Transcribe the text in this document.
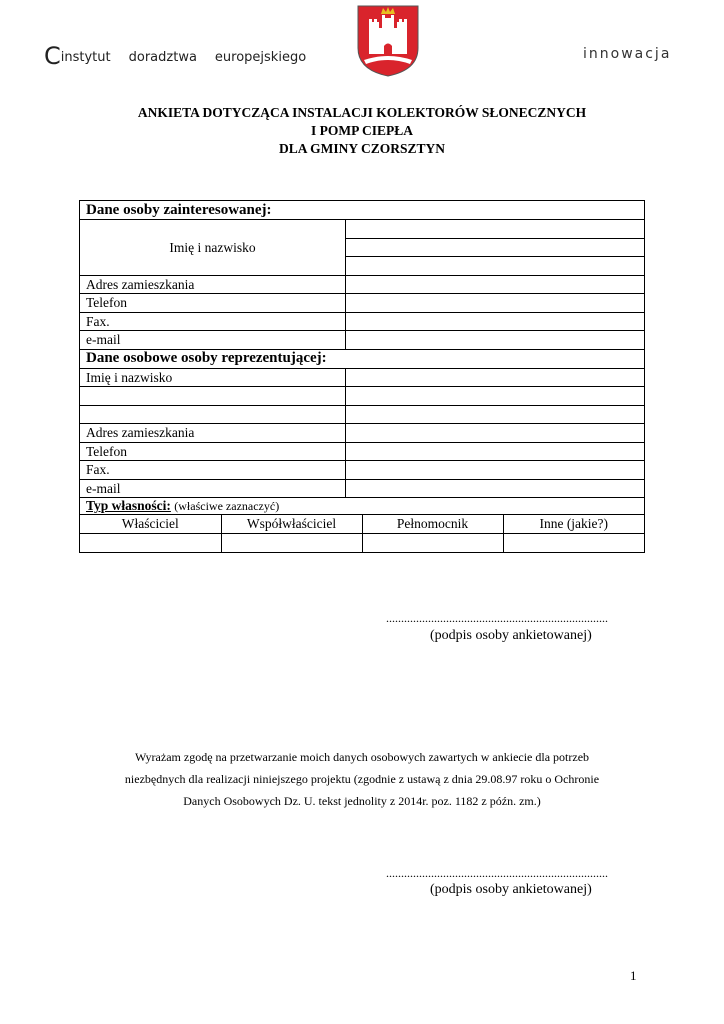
C instytut doradztwa europejskiego	innowacja
ANKIETA DOTYCZĄCA INSTALACJI KOLEKTORÓW SŁONECZNYCH
I POMP CIEPŁA
DLA GMINY CZORSZTYN
Dane osoby zainteresowanej:
Imię i nazwisko	

Adres zamieszkania	
Telefon	
Fax.	
e-mail	
Dane osobowe osoby reprezentującej:
Imię i nazwisko	

Adres zamieszkania	
Telefon	
Fax.	
e-mail	
Typ własności: (właściwe zaznaczyć)

Właściciel	Współwłaściciel	Pełnomocnik	Inne (jakie?)

..........................................................................
(podpis osoby ankietowanej)
Wyrażam zgodę na przetwarzanie moich danych osobowych zawartych w ankiecie dla potrzeb
niezbędnych dla realizacji niniejszego projektu (zgodnie z ustawą z dnia 29.08.97 roku o Ochronie
Danych Osobowych Dz. U. tekst jednolity z 2014r. poz. 1182 z późn. zm.)
..........................................................................
(podpis osoby ankietowanej)
1
